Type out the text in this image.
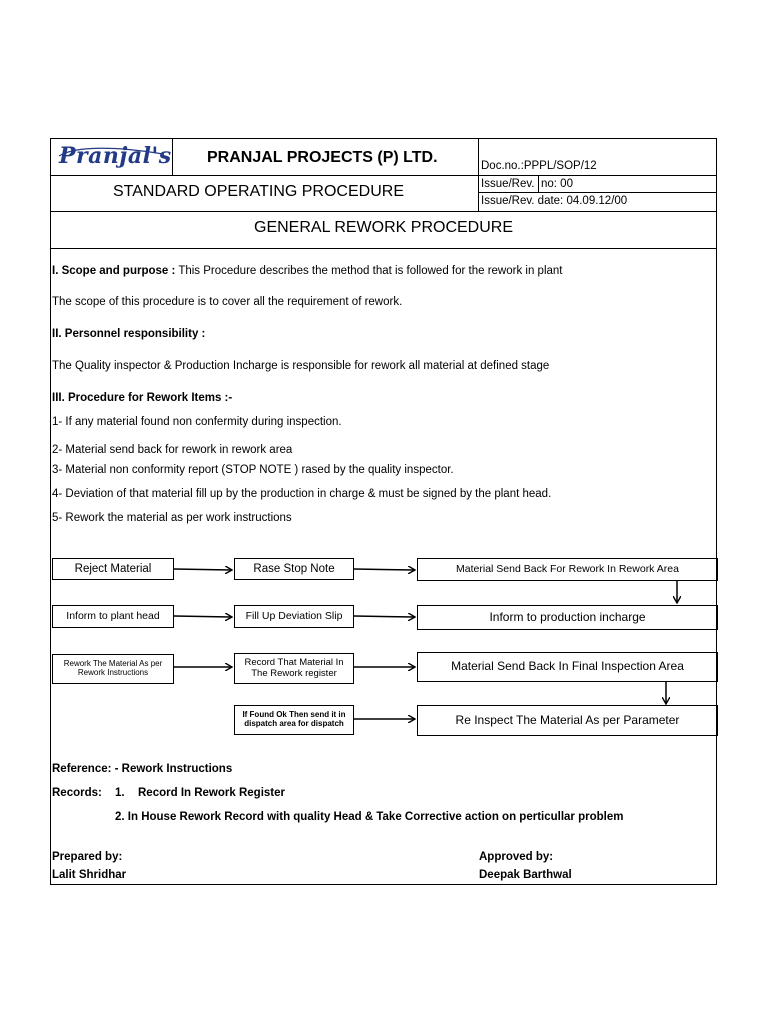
Pranjal's PRANJAL PROJECTS (P) LTD.	Doc.no.:PPPL/SOP/12
STANDARD OPERATING PROCEDURE	Issue/Rev. no: 00
Issue/Rev. date: 04.09.12/00
GENERAL REWORK PROCEDURE
I. Scope and purpose : This Procedure describes the method that is followed for the rework in plant
The scope of this procedure is to cover all the requirement of rework.
II. Personnel responsibility :
The Quality inspector & Production Incharge is responsible for rework all material at defined stage
III. Procedure for Rework Items :-
1- If any material found non confermity during inspection.
2- Material send back for rework in rework area
3- Material non conformity report (STOP NOTE ) rased by the quality inspector.
4- Deviation of that material fill up by the production in charge & must be signed by the plant head.
5- Rework the material as per work instructions
Reject Material	Rase Stop Note	Material Send Back For Rework In Rework Area
Inform to plant head	Fill Up Deviation Slip	Inform to production incharge
Rework The Material As per Rework Instructions
Record That Material In The Rework register	Material Send Back In Final Inspection Area
If Found Ok Then send it in dispatch area for dispatch	Re Inspect The Material As per Parameter
Reference: - Rework Instructions
Records: 1. Record In Rework Register
2. In House Rework Record with quality Head & Take Corrective action on perticullar problem
Prepared by:
Lalit Shridhar
Approved by:
Deepak Barthwal
